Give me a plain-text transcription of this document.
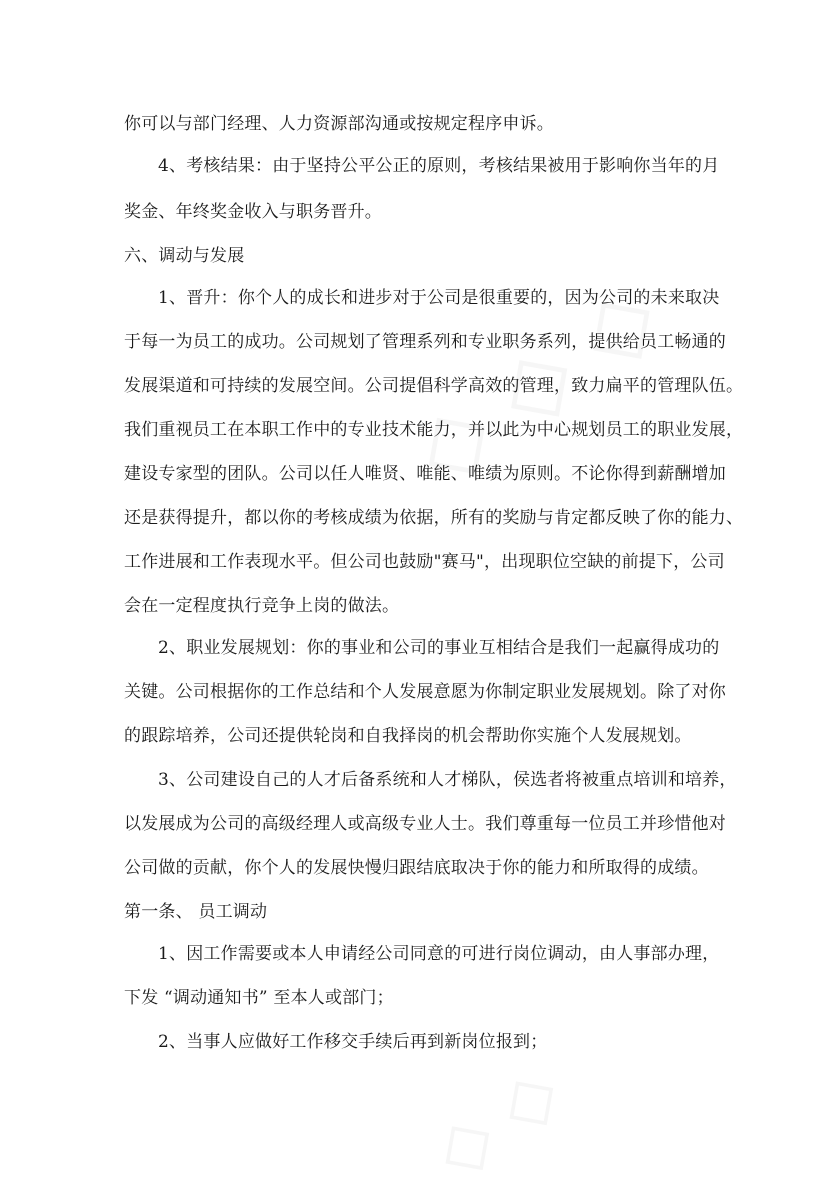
你可以与部门经理、人力资源部沟通或按规定程序申诉。
4、考核结果：由于坚持公平公正的原则，考核结果被用于影响你当年的月
奖金、年终奖金收入与职务晋升。
六、调动与发展
1、晋升：你个人的成长和进步对于公司是很重要的，因为公司的未来取决
于每一为员工的成功。公司规划了管理系列和专业职务系列，提供给员工畅通的
发展渠道和可持续的发展空间。公司提倡科学高效的管理，致力扁平的管理队伍。
我们重视员工在本职工作中的专业技术能力，并以此为中心规划员工的职业发展，
建设专家型的团队。公司以任人唯贤、唯能、唯绩为原则。不论你得到薪酬增加
还是获得提升，都以你的考核成绩为依据，所有的奖励与肯定都反映了你的能力、
工作进展和工作表现水平。但公司也鼓励"赛马"，出现职位空缺的前提下，公司
会在一定程度执行竞争上岗的做法。
2、职业发展规划：你的事业和公司的事业互相结合是我们一起赢得成功的
关键。公司根据你的工作总结和个人发展意愿为你制定职业发展规划。除了对你
的跟踪培养，公司还提供轮岗和自我择岗的机会帮助你实施个人发展规划。
3、公司建设自己的人才后备系统和人才梯队，侯选者将被重点培训和培养，
以发展成为公司的高级经理人或高级专业人士。我们尊重每一位员工并珍惜他对
公司做的贡献，你个人的发展快慢归跟结底取决于你的能力和所取得的成绩。
第一条、 员工调动
1、因工作需要或本人申请经公司同意的可进行岗位调动，由人事部办理，
下发 “调动通知书” 至本人或部门；
2、当事人应做好工作移交手续后再到新岗位报到；
